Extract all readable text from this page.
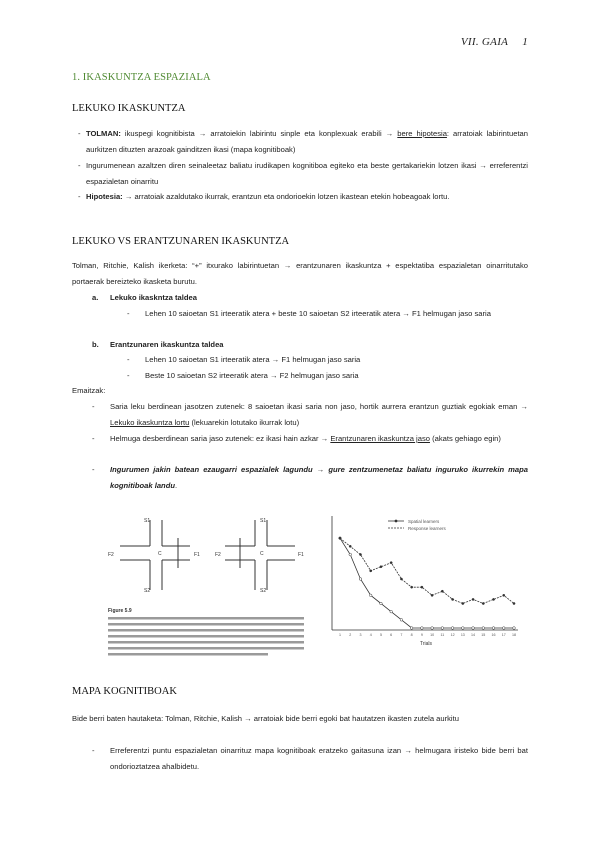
VII. GAIA 1
1. IKASKUNTZA ESPAZIALA
LEKUKO IKASKUNTZA
- TOLMAN: ikuspegi kognitibista → arratoiekin labirintu sinple eta konplexuak erabili → bere hipotesia: arratoiak labirintuetan aurkitzen dituzten arazoak gainditzen ikasi (mapa kognitiboak)
- Ingurumenean azaltzen diren seinaleetaz baliatu irudikapen kognitiboa egiteko eta beste gertakariekin lotzen ikasi → erreferentzi espazialetan oinarritu
- Hipotesia: → arratoiak azaldutako ikurrak, erantzun eta ondorioekin lotzen ikastean etekin hobeagoak lortu.
LEKUKO VS ERANTZUNAREN IKASKUNTZA
Tolman, Ritchie, Kalish ikerketa: “+” itxurako labirintuetan → erantzunaren ikaskuntza + espektatiba espazialetan oinarritutako portaerak bereizteko ikasketa burutu.
a. Lekuko ikaskntza taldea
- Lehen 10 saioetan S1 irteeratik atera + beste 10 saioetan S2 irteeratik atera → F1 helmugan jaso saria
b. Erantzunaren ikaskuntza taldea
- Lehen 10 saioetan S1 irteeratik atera → F1 helmugan jaso saria
- Beste 10 saioetan S2 irteeratik atera → F2 helmugan jaso saria
Emaitzak:
- Saria leku berdinean jasotzen zutenek: 8 saioetan ikasi saria non jaso, hortik aurrera erantzun guztiak egokiak eman → Lekuko ikaskuntza lortu (lekuarekin lotutako ikurrak lotu)
- Helmuga desberdinean saria jaso zutenek: ez ikasi hain azkar → Erantzunaren ikaskuntza jaso (akats gehiago egin)
- Ingurumen jakin batean ezaugarri espazialek lagundu → gure zentzumenetaz baliatu inguruko ikurrekin mapa kognitiboak landu.
S1
S2
F2	F1
C
S1
S2
F2	F1
C
Figure 5.9
Spatial learners
Response learners
1 2 3 4 5 6 7 8 9 10 11 12 13 14 15 16 17 18
Trials
MAPA KOGNITIBOAK
Bide berri baten hautaketa: Tolman, Ritchie, Kalish → arratoiak bide berri egoki bat hautatzen ikasten zutela aurkitu
- Erreferentzi puntu espazialetan oinarrituz mapa kognitiboak eratzeko gaitasuna izan → helmugara iristeko bide berri bat ondorioztatzea ahalbidetu.
